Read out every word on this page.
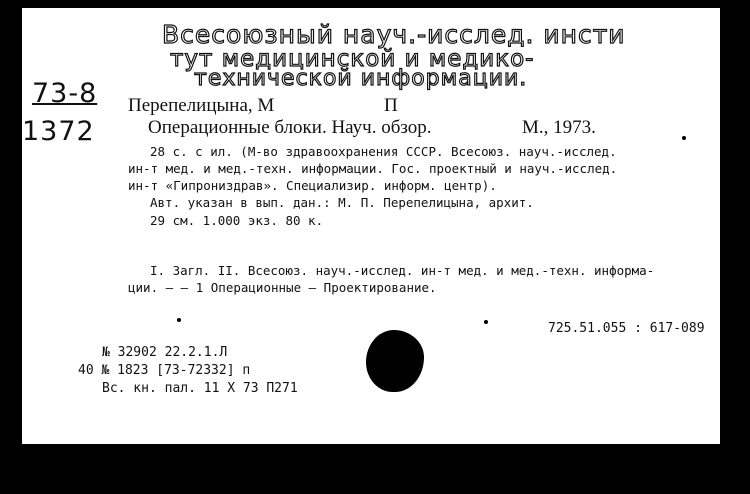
Всесоюзный науч.-исслед. инсти
тут медицинской и медико-
технической информации.
73-8
1372
Перепелицына, М	П
Операционные блоки. Науч. обзор.	М., 1973.
28 с. с ил. (М-во здравоохранения СССР. Всесоюз. науч.-исслед.
ин-т мед. и мед.-техн. информации. Гос. проектный и науч.-исслед.
ин-т «Гипрониздрав». Специализир. информ. центр).
Авт. указан в вып. дан.: М. П. Перепелицына, архит.
29 см. 1.000 экз. 80 к.
I. Загл. II. Всесоюз. науч.-исслед. ин-т мед. и мед.-техн. информа-
ции. — — 1 Операционные — Проектирование.
725.51.055 : 617-089
№ 32902 22.2.1.Л
40 № 1823 [73-72332] п
Вс. кн. пал. 11 X 73 П271
